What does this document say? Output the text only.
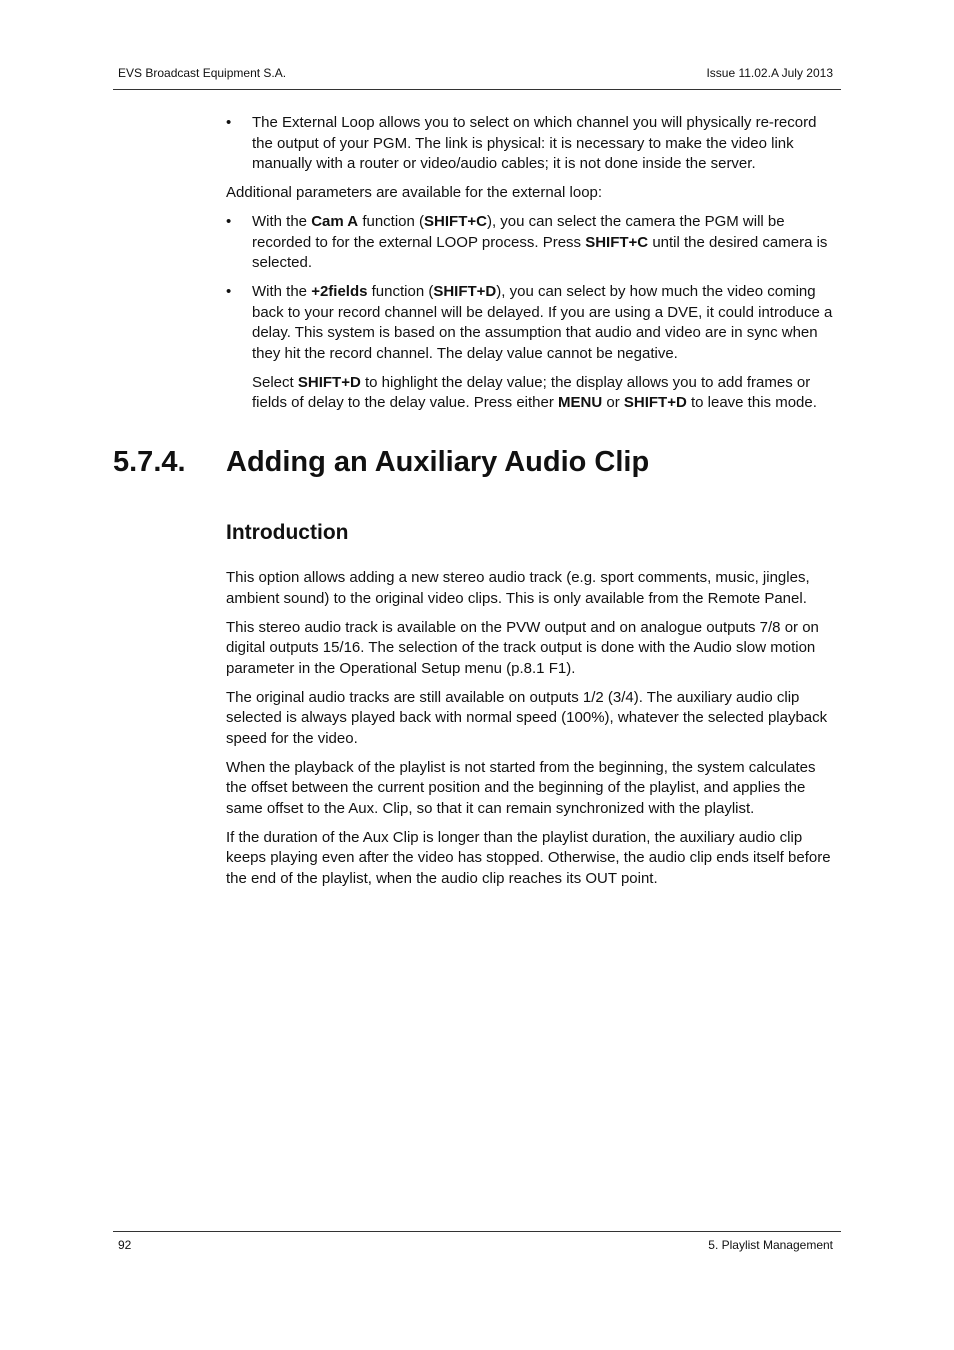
EVS Broadcast Equipment S.A.	Issue 11.02.A July 2013
• The External Loop allows you to select on which channel you will physically re-record the output of your PGM. The link is physical: it is necessary to make the video link manually with a router or video/audio cables; it is not done inside the server.

Additional parameters are available for the external loop:

• With the Cam A function (SHIFT+C), you can select the camera the PGM will be recorded to for the external LOOP process. Press SHIFT+C until the desired camera is selected.
• With the +2fields function (SHIFT+D), you can select by how much the video coming back to your record channel will be delayed. If you are using a DVE, it could introduce a delay. This system is based on the assumption that audio and video are in sync when they hit the record channel. The delay value cannot be negative.
Select SHIFT+D to highlight the delay value; the display allows you to add frames or fields of delay to the delay value. Press either MENU or SHIFT+D to leave this mode.
5.7.4. Adding an Auxiliary Audio Clip
Introduction

This option allows adding a new stereo audio track (e.g. sport comments, music, jingles, ambient sound) to the original video clips. This is only available from the Remote Panel.

This stereo audio track is available on the PVW output and on analogue outputs 7/8 or on digital outputs 15/16. The selection of the track output is done with the Audio slow motion parameter in the Operational Setup menu (p.8.1 F1).

The original audio tracks are still available on outputs 1/2 (3/4). The auxiliary audio clip selected is always played back with normal speed (100%), whatever the selected playback speed for the video.

When the playback of the playlist is not started from the beginning, the system calculates the offset between the current position and the beginning of the playlist, and applies the same offset to the Aux. Clip, so that it can remain synchronized with the playlist.

If the duration of the Aux Clip is longer than the playlist duration, the auxiliary audio clip keeps playing even after the video has stopped. Otherwise, the audio clip ends itself before the end of the playlist, when the audio clip reaches its OUT point.

92	5. Playlist Management
